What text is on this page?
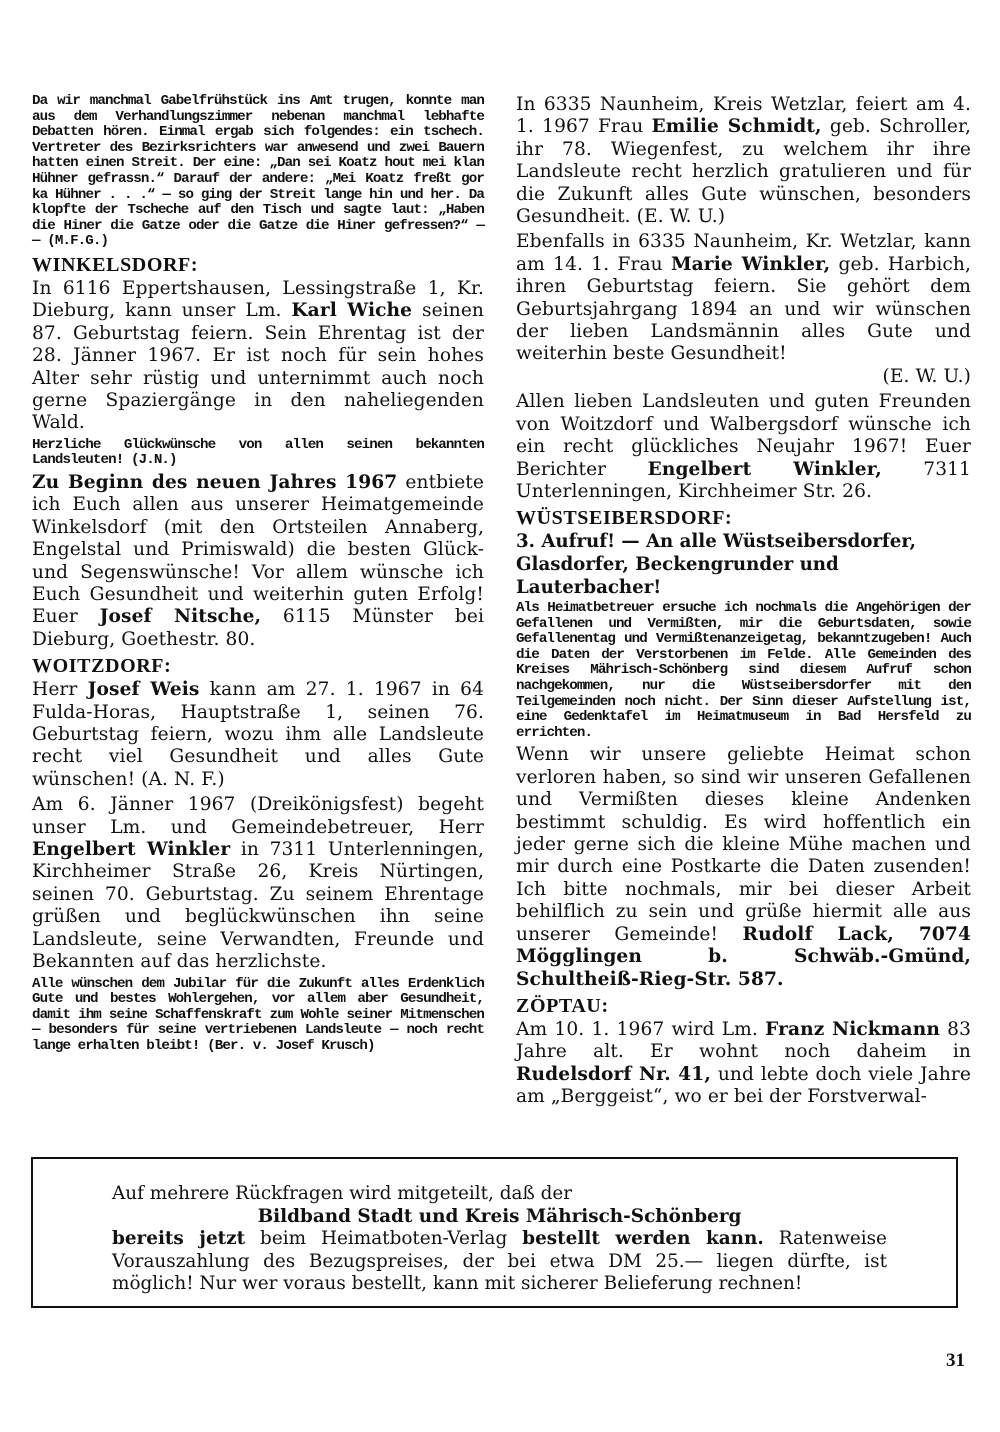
Da wir manchmal Gabelfrühstück ins Amt trugen, konnte man aus dem Verhandlungszimmer nebenan manchmal lebhafte Debatten hören. Einmal ergab sich folgendes: ein tschech. Vertreter des Bezirksrichters war anwesend und zwei Bauern hatten einen Streit. Der eine: „Dan sei Koatz hout mei klan Hühner gefrassn.“ Darauf der andere: „Mei Koatz freßt gor ka Hühner . . .“ — so ging der Streit lange hin und her. Da klopfte der Tscheche auf den Tisch und sagte laut: „Haben die Hiner die Gatze oder die Gatze die Hiner gefressen?“ — — (M.F.G.)

WINKELSDORF:

In 6116 Eppertshausen, Lessingstraße 1, Kr. Dieburg, kann unser Lm. Karl Wiche seinen 87. Geburtstag feiern. Sein Ehrentag ist der 28. Jänner 1967. Er ist noch für sein hohes Alter sehr rüstig und unternimmt auch noch gerne Spaziergänge in den naheliegenden Wald.

Herzliche Glückwünsche von allen seinen bekannten Landsleuten! (J.N.)

Zu Beginn des neuen Jahres 1967 entbiete ich Euch allen aus unserer Heimatgemeinde Winkelsdorf (mit den Ortsteilen Annaberg, Engelstal und Primiswald) die besten Glück- und Segenswünsche! Vor allem wünsche ich Euch Gesundheit und weiterhin guten Erfolg! Euer Josef Nitsche, 6115 Münster bei Dieburg, Goethestr. 80.

WOITZDORF:

Herr Josef Weis kann am 27. 1. 1967 in 64 Fulda-Horas, Hauptstraße 1, seinen 76. Geburtstag feiern, wozu ihm alle Landsleute recht viel Gesundheit und alles Gute wünschen! (A. N. F.)

Am 6. Jänner 1967 (Dreikönigsfest) begeht unser Lm. und Gemeindebetreuer, Herr Engelbert Winkler in 7311 Unterlenningen, Kirchheimer Straße 26, Kreis Nürtingen, seinen 70. Geburtstag. Zu seinem Ehrentage grüßen und beglückwünschen ihn seine Landsleute, seine Verwandten, Freunde und Bekannten auf das herzlichste.

Alle wünschen dem Jubilar für die Zukunft alles Erdenklich Gute und bestes Wohlergehen, vor allem aber Gesundheit, damit ihm seine Schaffenskraft zum Wohle seiner Mitmenschen — besonders für seine vertriebenen Landsleute — noch recht lange erhalten bleibt! (Ber. v. Josef Krusch)

In 6335 Naunheim, Kreis Wetzlar, feiert am 4. 1. 1967 Frau Emilie Schmidt, geb. Schroller, ihr 78. Wiegenfest, zu welchem ihr ihre Landsleute recht herzlich gratulieren und für die Zukunft alles Gute wünschen, besonders Gesundheit. (E. W. U.)

Ebenfalls in 6335 Naunheim, Kr. Wetzlar, kann am 14. 1. Frau Marie Winkler, geb. Harbich, ihren Geburtstag feiern. Sie gehört dem Geburtsjahrgang 1894 an und wir wünschen der lieben Landsmännin alles Gute und weiterhin beste Gesundheit!

(E. W. U.)

Allen lieben Landsleuten und guten Freunden von Woitzdorf und Walbergsdorf wünsche ich ein recht glückliches Neujahr 1967! Euer Berichter Engelbert Winkler, 7311 Unterlenningen, Kirchheimer Str. 26.

WÜSTSEIBERSDORF:

3. Aufruf! — An alle Wüstseibersdorfer, Glasdorfer, Beckengrunder und Lauterbacher!

Als Heimatbetreuer ersuche ich nochmals die Angehörigen der Gefallenen und Vermißten, mir die Geburtsdaten, sowie Gefallenentag und Vermißtenanzeigetag, bekanntzugeben! Auch die Daten der Verstorbenen im Felde. Alle Gemeinden des Kreises Mährisch-Schönberg sind diesem Aufruf schon nachgekommen, nur die Wüstseibersdorfer mit den Teilgemeinden noch nicht. Der Sinn dieser Aufstellung ist, eine Gedenktafel im Heimatmuseum in Bad Hersfeld zu errichten.

Wenn wir unsere geliebte Heimat schon verloren haben, so sind wir unseren Gefallenen und Vermißten dieses kleine Andenken bestimmt schuldig. Es wird hoffentlich ein jeder gerne sich die kleine Mühe machen und mir durch eine Postkarte die Daten zusenden! Ich bitte nochmals, mir bei dieser Arbeit behilflich zu sein und grüße hiermit alle aus unserer Gemeinde! Rudolf Lack, 7074 Mögglingen b. Schwäb.-Gmünd, Schultheiß-Rieg-Str. 587.

ZÖPTAU:

Am 10. 1. 1967 wird Lm. Franz Nickmann 83 Jahre alt. Er wohnt noch daheim in Rudelsdorf Nr. 41, und lebte doch viele Jahre am „Berggeist“, wo er bei der Forstverwal-

Auf mehrere Rückfragen wird mitgeteilt, daß der

Bildband Stadt und Kreis Mährisch-Schönberg

bereits jetzt beim Heimatboten-Verlag bestellt werden kann. Ratenweise Vorauszahlung des Bezugspreises, der bei etwa DM 25.— liegen dürfte, ist möglich! Nur wer voraus bestellt, kann mit sicherer Belieferung rechnen!

31
